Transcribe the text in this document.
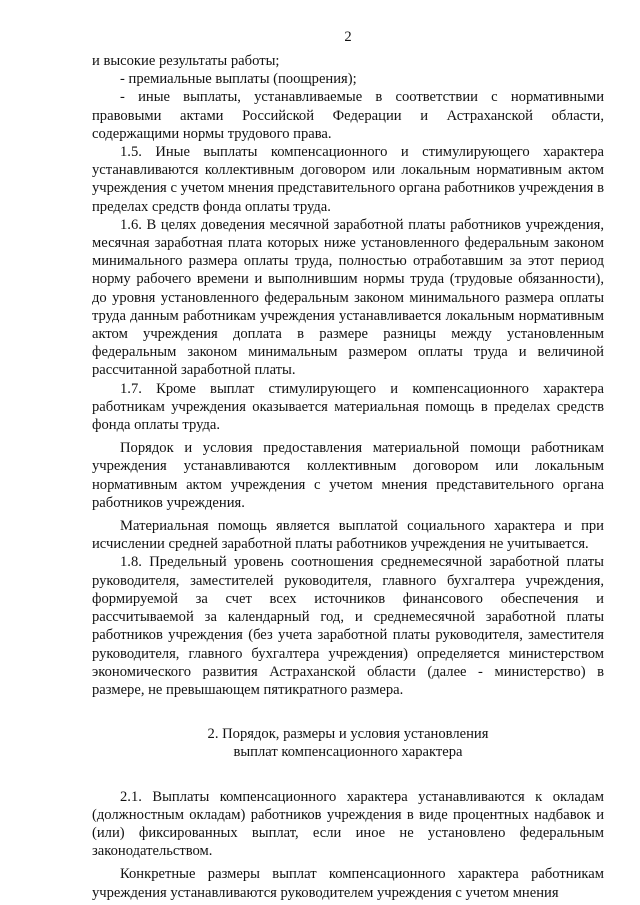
2

и высокие результаты работы;

- премиальные выплаты (поощрения);

- иные выплаты, устанавливаемые в соответствии с нормативными правовыми актами Российской Федерации и Астраханской области, содержащими нормы трудового права.

1.5. Иные выплаты компенсационного и стимулирующего характера устанавливаются коллективным договором или локальным нормативным актом учреждения с учетом мнения представительного органа работников учреждения в пределах средств фонда оплаты труда.

1.6. В целях доведения месячной заработной платы работников учреждения, месячная заработная плата которых ниже установленного федеральным законом минимального размера оплаты труда, полностью отработавшим за этот период норму рабочего времени и выполнившим нормы труда (трудовые обязанности), до уровня установленного федеральным законом минимального размера оплаты труда данным работникам учреждения устанавливается локальным нормативным актом учреждения доплата в размере разницы между установленным федеральным законом минимальным размером оплаты труда и величиной рассчитанной заработной платы.

1.7. Кроме выплат стимулирующего и компенсационного характера работникам учреждения оказывается материальная помощь в пределах средств фонда оплаты труда.

Порядок и условия предоставления материальной помощи работникам учреждения устанавливаются коллективным договором или локальным нормативным актом учреждения с учетом мнения представительного органа работников учреждения.

Материальная помощь является выплатой социального характера и при исчислении средней заработной платы работников учреждения не учитывается.

1.8. Предельный уровень соотношения среднемесячной заработной платы руководителя, заместителей руководителя, главного бухгалтера учреждения, формируемой за счет всех источников финансового обеспечения и рассчитываемой за календарный год, и среднемесячной заработной платы работников учреждения (без учета заработной платы руководителя, заместителя руководителя, главного бухгалтера учреждения) определяется министерством экономического развития Астраханской области (далее - министерство) в размере, не превышающем пятикратного размера.

2. Порядок, размеры и условия установления
выплат компенсационного характера

2.1. Выплаты компенсационного характера устанавливаются к окладам (должностным окладам) работников учреждения в виде процентных надбавок и (или) фиксированных выплат, если иное не установлено федеральным законодательством.

Конкретные размеры выплат компенсационного характера работникам учреждения устанавливаются руководителем учреждения с учетом мнения
